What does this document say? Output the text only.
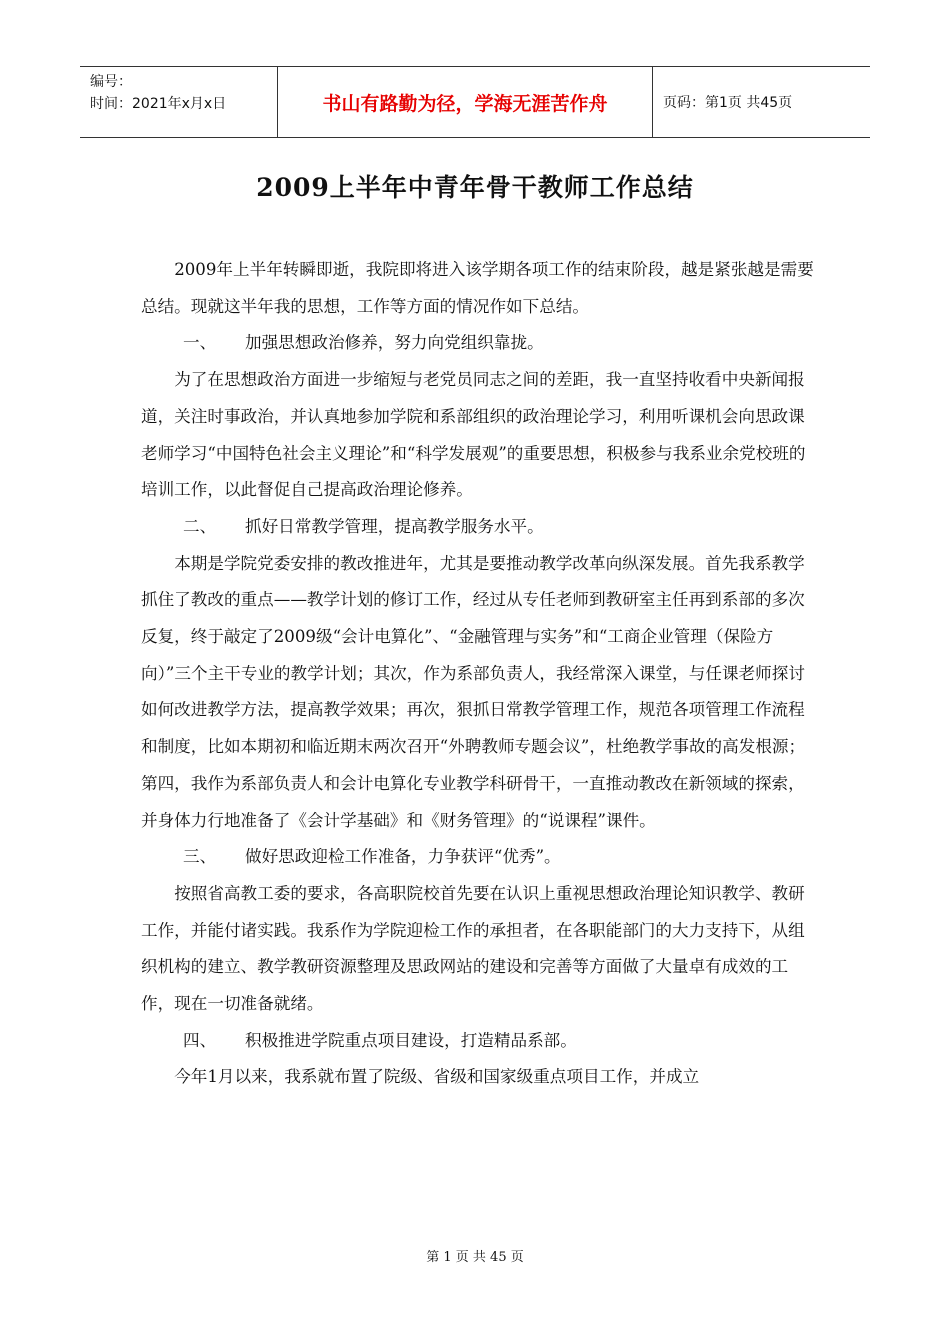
编号：
时间：2021年x月x日	书山有路勤为径，学海无涯苦作舟	页码：第1页 共45页
2009上半年中青年骨干教师工作总结

2009年上半年转瞬即逝，我院即将进入该学期各项工作的结束阶段，越是紧张越是需要总结。现就这半年我的思想，工作等方面的情况作如下总结。

一、 加强思想政治修养，努力向党组织靠拢。

为了在思想政治方面进一步缩短与老党员同志之间的差距，我一直坚持收看中央新闻报道，关注时事政治，并认真地参加学院和系部组织的政治理论学习，利用听课机会向思政课老师学习“中国特色社会主义理论”和“科学发展观”的重要思想，积极参与我系业余党校班的培训工作，以此督促自己提高政治理论修养。

二、 抓好日常教学管理，提高教学服务水平。

本期是学院党委安排的教改推进年，尤其是要推动教学改革向纵深发展。首先我系教学抓住了教改的重点——教学计划的修订工作，经过从专任老师到教研室主任再到系部的多次反复，终于敲定了2009级“会计电算化”、“金融管理与实务”和“工商企业管理（保险方向）”三个主干专业的教学计划；其次，作为系部负责人，我经常深入课堂，与任课老师探讨如何改进教学方法，提高教学效果；再次，狠抓日常教学管理工作，规范各项管理工作流程和制度，比如本期初和临近期末两次召开“外聘教师专题会议”，杜绝教学事故的高发根源；第四，我作为系部负责人和会计电算化专业教学科研骨干，一直推动教改在新领域的探索，并身体力行地准备了《会计学基础》和《财务管理》的“说课程”课件。

三、 做好思政迎检工作准备，力争获评“优秀”。

按照省高教工委的要求，各高职院校首先要在认识上重视思想政治理论知识教学、教研工作，并能付诸实践。我系作为学院迎检工作的承担者，在各职能部门的大力支持下，从组织机构的建立、教学教研资源整理及思政网站的建设和完善等方面做了大量卓有成效的工作，现在一切准备就绪。

四、 积极推进学院重点项目建设，打造精品系部。

今年1月以来，我系就布置了院级、省级和国家级重点项目工作，并成立

第 1 页 共 45 页
